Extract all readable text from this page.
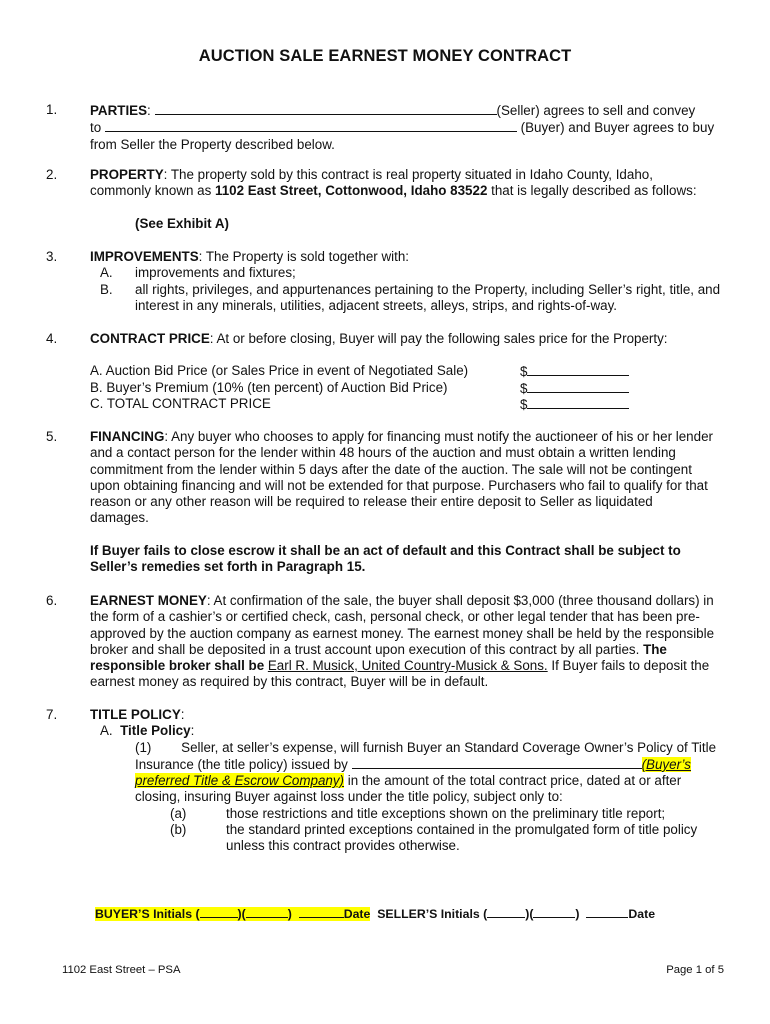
AUCTION SALE EARNEST MONEY CONTRACT
1. PARTIES:	(Seller) agrees to sell and convey
to	(Buyer) and Buyer agrees to buy
from Seller the Property described below.
2. PROPERTY: The property sold by this contract is real property situated in Idaho County, Idaho,
commonly known as 1102 East Street, Cottonwood, Idaho 83522 that is legally described as follows:
(See Exhibit A)
3. IMPROVEMENTS: The Property is sold together with:
A. improvements and fixtures;
B. all rights, privileges, and appurtenances pertaining to the Property, including Seller’s right, title, and interest in any minerals, utilities, adjacent streets, alleys, strips, and rights-of-way.
4. CONTRACT PRICE: At or before closing, Buyer will pay the following sales price for the Property:
A. Auction Bid Price (or Sales Price in event of Negotiated Sale)	$
B. Buyer’s Premium (10% (ten percent) of Auction Bid Price)	$
C. TOTAL CONTRACT PRICE	$
5. FINANCING: Any buyer who chooses to apply for financing must notify the auctioneer of his or her lender and a contact person for the lender within 48 hours of the auction and must obtain a written lending commitment from the lender within 5 days after the date of the auction. The sale will not be contingent upon obtaining financing and will not be extended for that purpose. Purchasers who fail to qualify for that reason or any other reason will be required to release their entire deposit to Seller as liquidated damages.
If Buyer fails to close escrow it shall be an act of default and this Contract shall be subject to Seller’s remedies set forth in Paragraph 15.
6. EARNEST MONEY: At confirmation of the sale, the buyer shall deposit $3,000 (three thousand dollars) in the form of a cashier’s or certified check, cash, personal check, or other legal tender that has been pre-approved by the auction company as earnest money. The earnest money shall be held by the responsible broker and shall be deposited in a trust account upon execution of this contract by all parties. The responsible broker shall be Earl R. Musick, United Country-Musick & Sons. If Buyer fails to deposit the earnest money as required by this contract, Buyer will be in default.
7. TITLE POLICY:
A. Title Policy:
(1) Seller, at seller’s expense, will furnish Buyer an Standard Coverage Owner’s Policy of Title Insurance (the title policy) issued by	(Buyer’s preferred Title & Escrow Company) in the amount of the total contract price, dated at or after closing, insuring Buyer against loss under the title policy, subject only to:
(a)	those restrictions and title exceptions shown on the preliminary title report;
(b)	the standard printed exceptions contained in the promulgated form of title policy unless this contract provides otherwise.
BUYER’S Initials (	)(	)	Date SELLER’S Initials (	)(	)	Date
1102 East Street – PSA	Page 1 of 5
